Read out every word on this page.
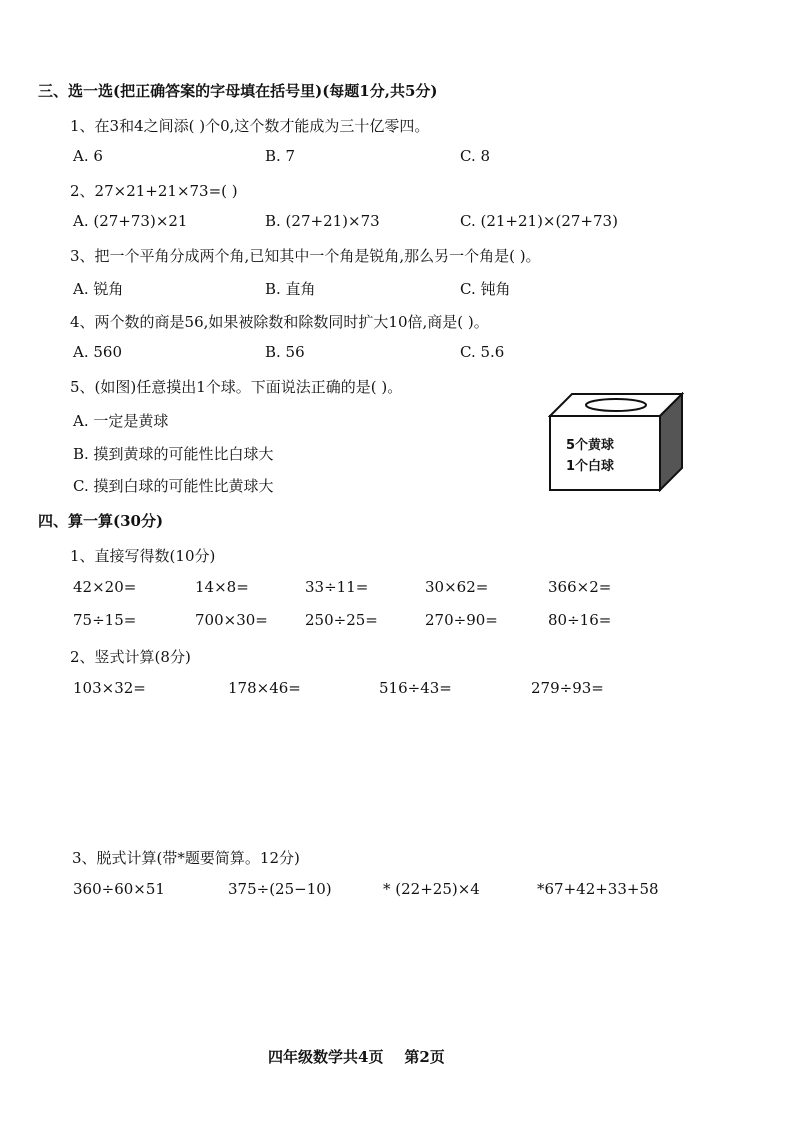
三、选一选(把正确答案的字母填在括号里)(每题1分,共5分)
1、在3和4之间添( )个0,这个数才能成为三十亿零四。
A. 6	B. 7	C. 8
2、27×21+21×73=( )
A. (27+73)×21	B. (27+21)×73	C. (21+21)×(27+73)
3、把一个平角分成两个角,已知其中一个角是锐角,那么另一个角是( )。
A. 锐角	B. 直角	C. 钝角
4、两个数的商是56,如果被除数和除数同时扩大10倍,商是( )。
A. 560	B. 56	C. 5.6
5、(如图)任意摸出1个球。下面说法正确的是( )。
A. 一定是黄球
B. 摸到黄球的可能性比白球大
C. 摸到白球的可能性比黄球大
5个黄球
1个白球
四、算一算(30分)
1、直接写得数(10分)
42×20=	14×8=	33÷11=	30×62=	366×2=
75÷15=	700×30= 250÷25=	270÷90=	80÷16=
2、竖式计算(8分)
103×32=	178×46=	516÷43=	279÷93=
3、脱式计算(带*题要简算。12分)
360÷60×51	375÷(25−10)	* (22+25)×4	*67+42+33+58
四年级数学共4页    第2页
